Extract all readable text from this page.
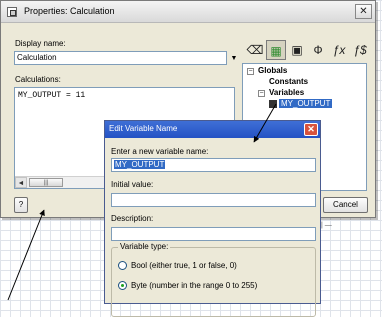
Properties: Calculation	✕
Display name:
Calculation	▼
Calculations:
MY_OUTPUT = 11
◄	|||
?	Cancel
⌫ ▦ ▣ Ф ƒx ƒ$
− Globals
Constants
− Variables
MY_OUTPUT
| —
Edit Variable Name	✕
Enter a new variable name:
MY_OUTPUT
Initial value:
Description:
Variable type:
Bool (either true, 1 or false, 0)
Byte (number in the range 0 to 255)
